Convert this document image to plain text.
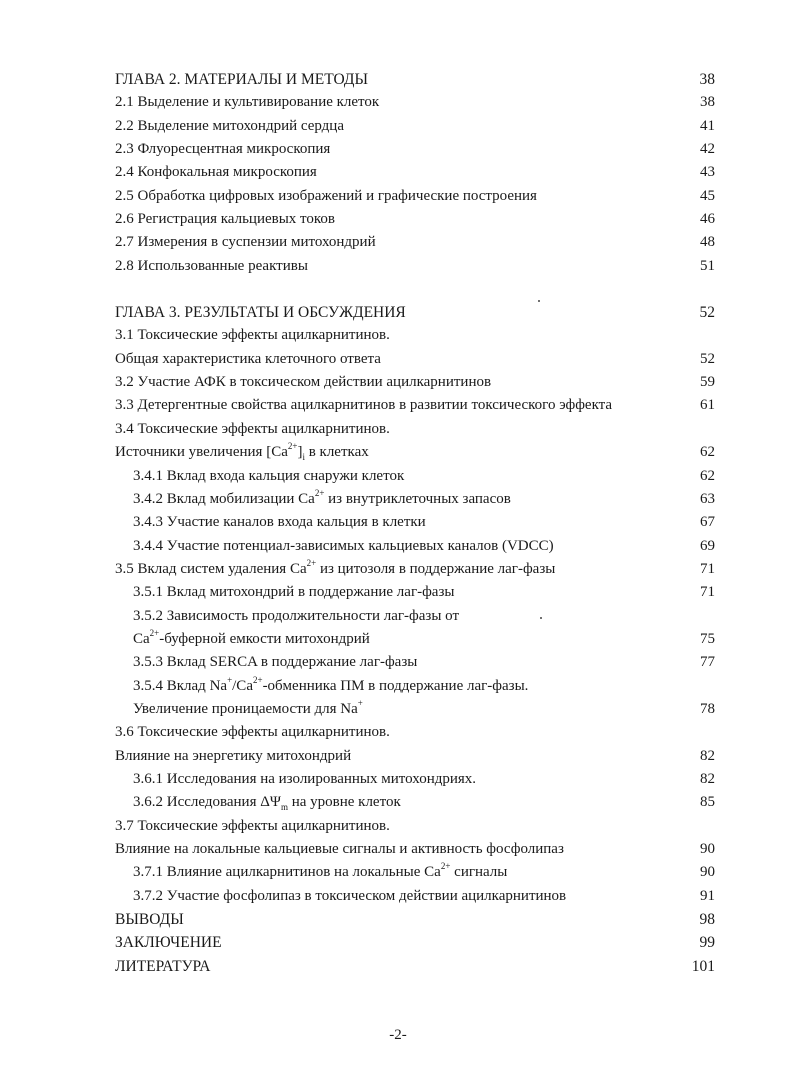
ГЛАВА 2. МАТЕРИАЛЫ И МЕТОДЫ	38
2.1 Выделение и культивирование клеток	38
2.2 Выделение митохондрий сердца	41
2.3 Флуоресцентная микроскопия	42
2.4 Конфокальная микроскопия	43
2.5 Обработка цифровых изображений и графические построения	45
2.6 Регистрация кальциевых токов	46
2.7 Измерения в суспензии митохондрий	48
2.8 Использованные реактивы	51
ГЛАВА 3. РЕЗУЛЬТАТЫ И ОБСУЖДЕНИЯ	52
3.1 Токсические эффекты ацилкарнитинов.
Общая характеристика клеточного ответа	52
3.2 Участие АФК в токсическом действии ацилкарнитинов	59
3.3 Детергентные свойства ацилкарнитинов в развитии токсического эффекта	61
3.4 Токсические эффекты ацилкарнитинов.
Источники увеличения $[Ca^{2+}]_i$ в клетках	62
3.4.1 Вклад входа кальция снаружи клеток	62
3.4.2 Вклад мобилизации $Ca^{2+}$ из внутриклеточных запасов	63
3.4.3 Участие каналов входа кальция в клетки	67
3.4.4 Участие потенциал-зависимых кальциевых каналов (VDCC)	69
3.5 Вклад систем удаления $Ca^{2+}$ из цитозоля в поддержание лаг-фазы	71
3.5.1 Вклад митохондрий в поддержание лаг-фазы	71
3.5.2 Зависимость продолжительности лаг-фазы от
$Ca^{2+}$-буферной емкости митохондрий	75
3.5.3 Вклад SERCA в поддержание лаг-фазы	77
3.5.4 Вклад $Na^+/Ca^{2+}$-обменника ПМ в поддержание лаг-фазы.
Увеличение проницаемости для Na+	78
3.6 Токсические эффекты ацилкарнитинов.
Влияние на энергетику митохондрий	82
3.6.1 Исследования на изолированных митохондриях.	82
3.6.2 Исследования $\Delta\Psi_m$ на уровне клеток	85
3.7 Токсические эффекты ацилкарнитинов.
Влияние на локальные кальциевые сигналы и активность фосфолипаз	90
3.7.1 Влияние ацилкарнитинов на локальные $Ca^{2+}$ сигналы	90
3.7.2 Участие фосфолипаз в токсическом действии ацилкарнитинов	91
ВЫВОДЫ	98
ЗАКЛЮЧЕНИЕ	99
ЛИТЕРАТУРА	101
-2-
